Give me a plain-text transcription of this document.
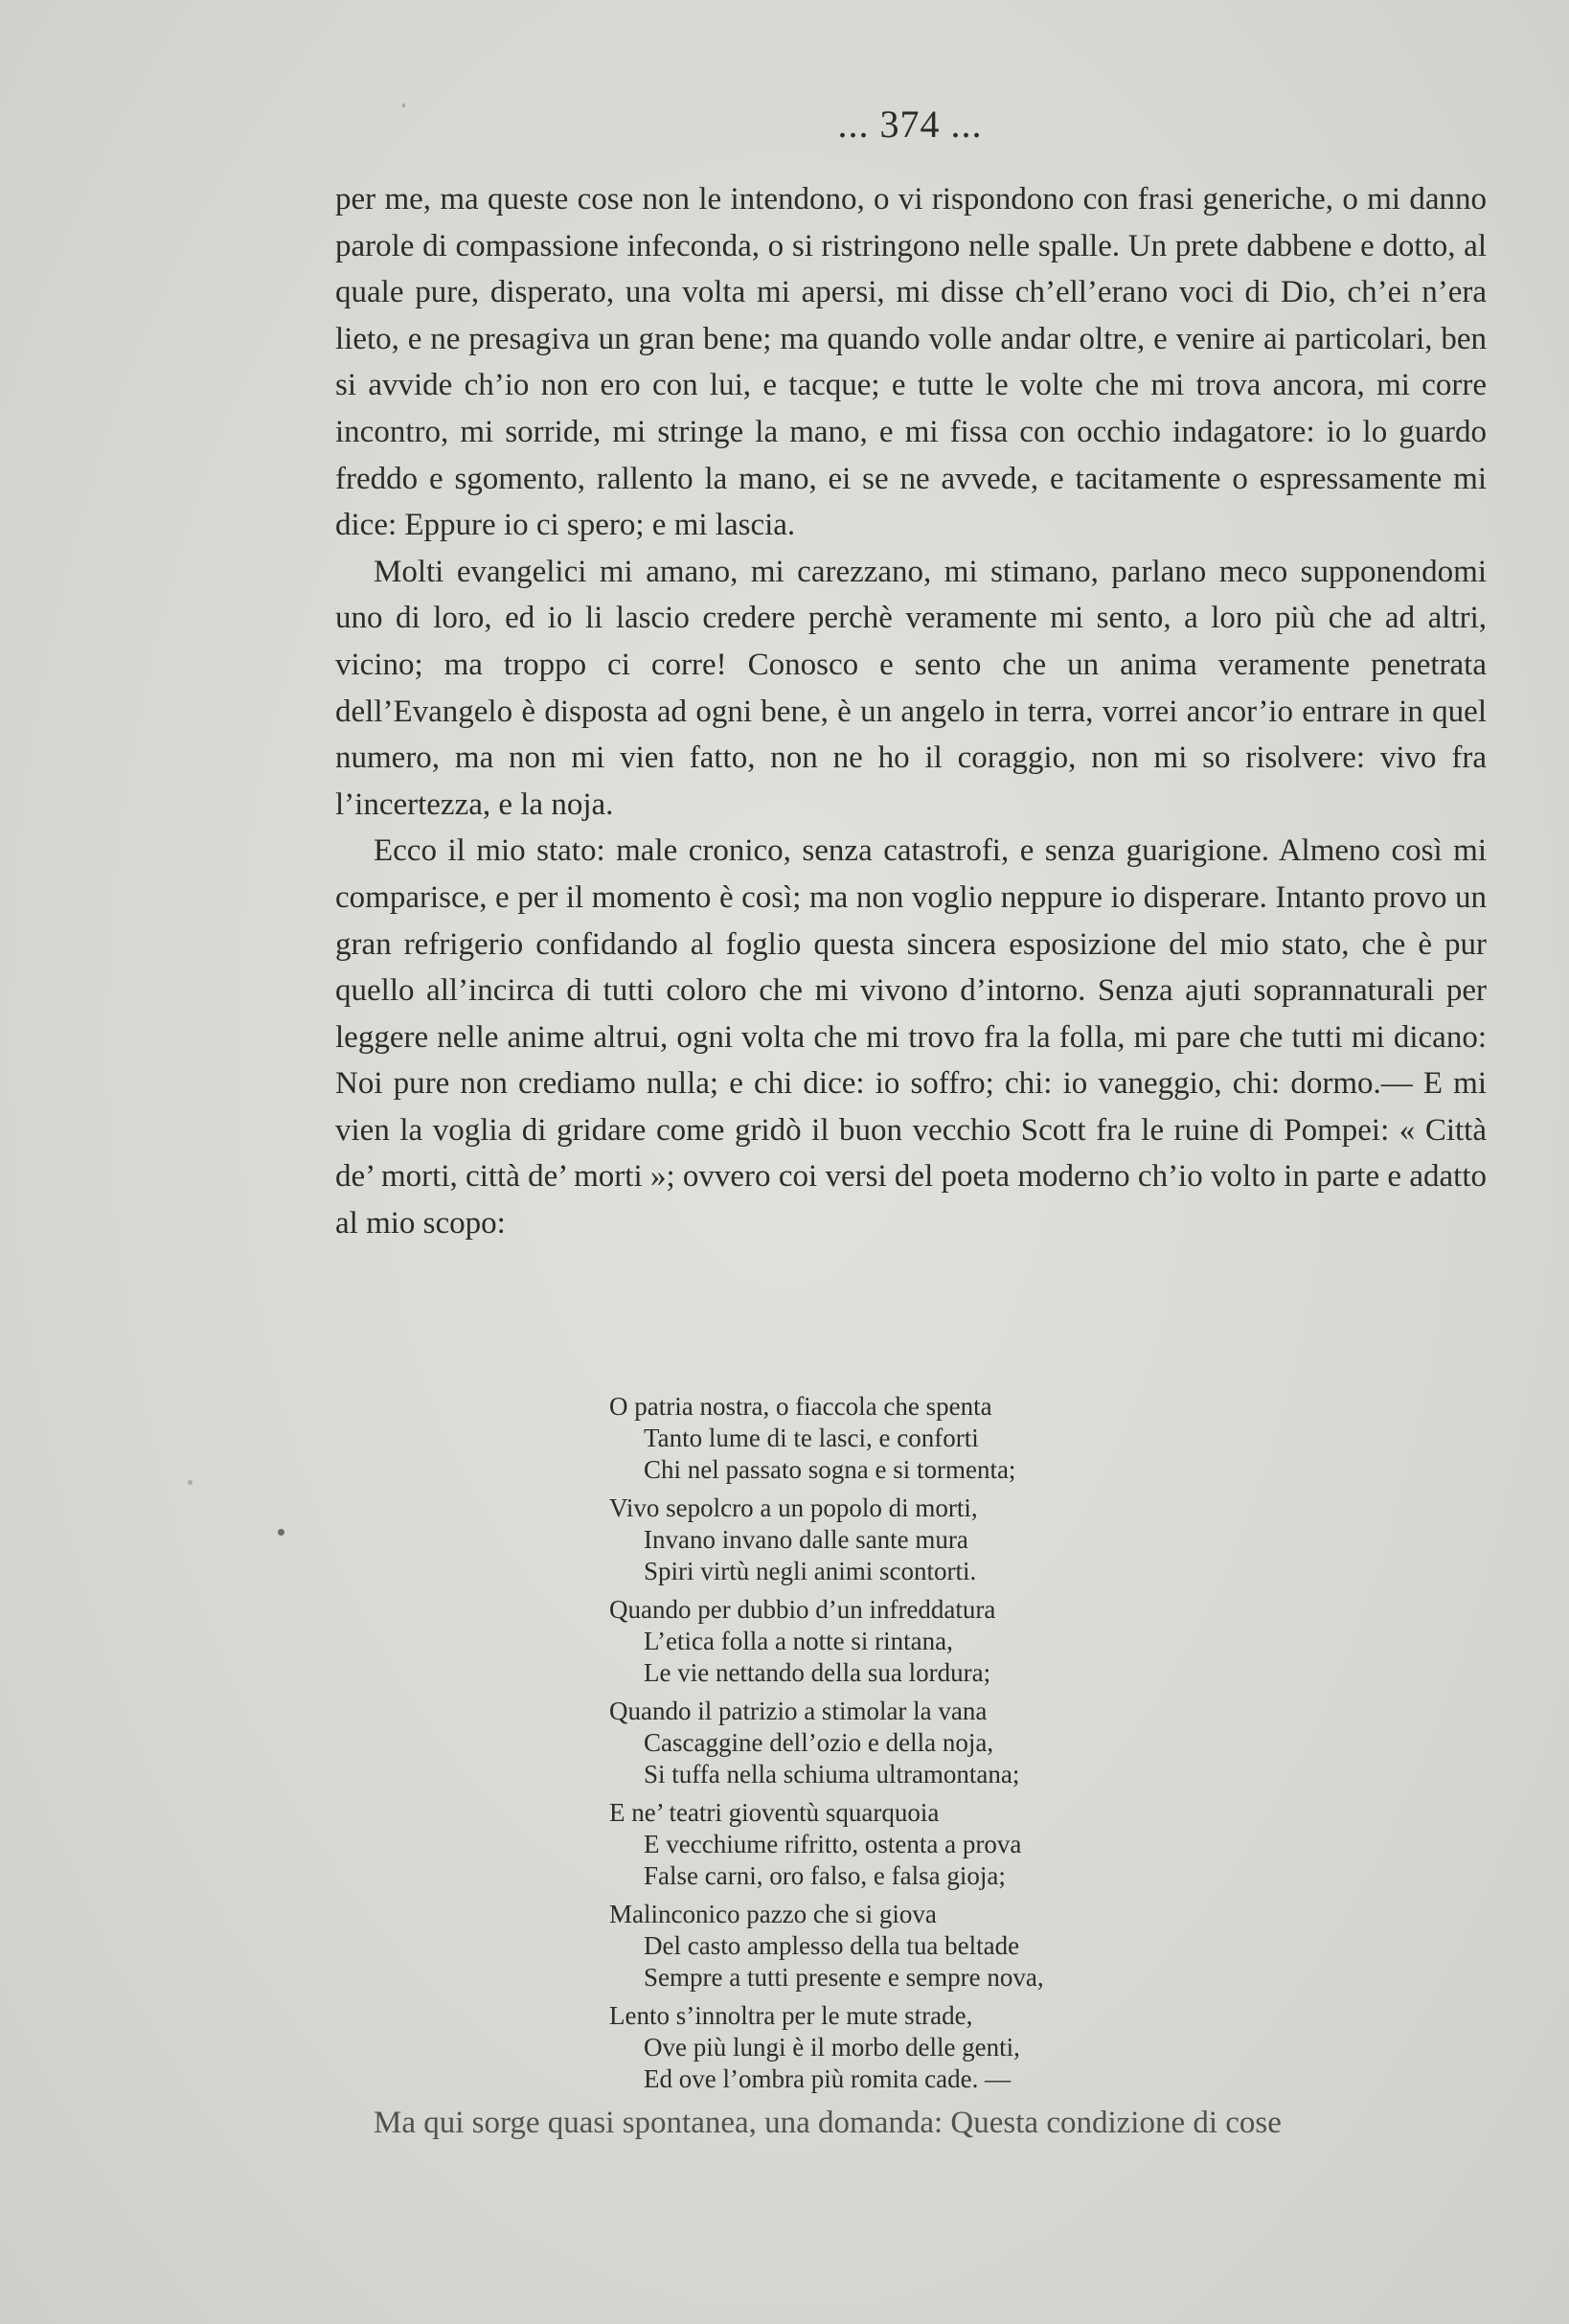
... 374 ...

per me, ma queste cose non le intendono, o vi rispondono con frasi generiche, o mi danno parole di compassione infeconda, o si ristringono nelle spalle. Un prete dabbene e dotto, al quale pure, disperato, una volta mi apersi, mi disse ch’ell’erano voci di Dio, ch’ei n’era lieto, e ne presagiva un gran bene; ma quando volle andar oltre, e venire ai particolari, ben si avvide ch’io non ero con lui, e tacque; e tutte le volte che mi trova ancora, mi corre incontro, mi sorride, mi stringe la mano, e mi fissa con occhio indagatore: io lo guardo freddo e sgomento, rallento la mano, ei se ne avvede, e tacitamente o espressamente mi dice: Eppure io ci spero; e mi lascia.

Molti evangelici mi amano, mi carezzano, mi stimano, parlano meco supponendomi uno di loro, ed io li lascio credere perchè veramente mi sento, a loro più che ad altri, vicino; ma troppo ci corre! Conosco e sento che un anima veramente penetrata dell’Evangelo è disposta ad ogni bene, è un angelo in terra, vorrei ancor’io entrare in quel numero, ma non mi vien fatto, non ne ho il coraggio, non mi so risolvere: vivo fra l’incertezza, e la noja.

Ecco il mio stato: male cronico, senza catastrofi, e senza guarigione. Almeno così mi comparisce, e per il momento è così; ma non voglio neppure io disperare. Intanto provo un gran refrigerio confidando al foglio questa sincera esposizione del mio stato, che è pur quello all’incirca di tutti coloro che mi vivono d’intorno. Senza ajuti soprannaturali per leggere nelle anime altrui, ogni volta che mi trovo fra la folla, mi pare che tutti mi dicano: Noi pure non crediamo nulla; e chi dice: io soffro; chi: io vaneggio, chi: dormo.— E mi vien la voglia di gridare come gridò il buon vecchio Scott fra le ruine di Pompei: « Città de’ morti, città de’ morti »; ovvero coi versi del poeta moderno ch’io volto in parte e adatto al mio scopo:

O patria nostra, o fiaccola che spenta
Tanto lume di te lasci, e conforti
Chi nel passato sogna e si tormenta;
Vivo sepolcro a un popolo di morti,
Invano invano dalle sante mura
Spiri virtù negli animi scontorti.
Quando per dubbio d’un infreddatura
L’etica folla a notte si rintana,
Le vie nettando della sua lordura;
Quando il patrizio a stimolar la vana
Cascaggine dell’ozio e della noja,
Si tuffa nella schiuma ultramontana;
E ne’ teatri gioventù squarquoia
E vecchiume rifritto, ostenta a prova
False carni, oro falso, e falsa gioja;
Malinconico pazzo che si giova
Del casto amplesso della tua beltade
Sempre a tutti presente e sempre nova,
Lento s’innoltra per le mute strade,
Ove più lungi è il morbo delle genti,
Ed ove l’ombra più romita cade. —
Ma qui sorge quasi spontanea, una domanda: Questa condizione di cose
